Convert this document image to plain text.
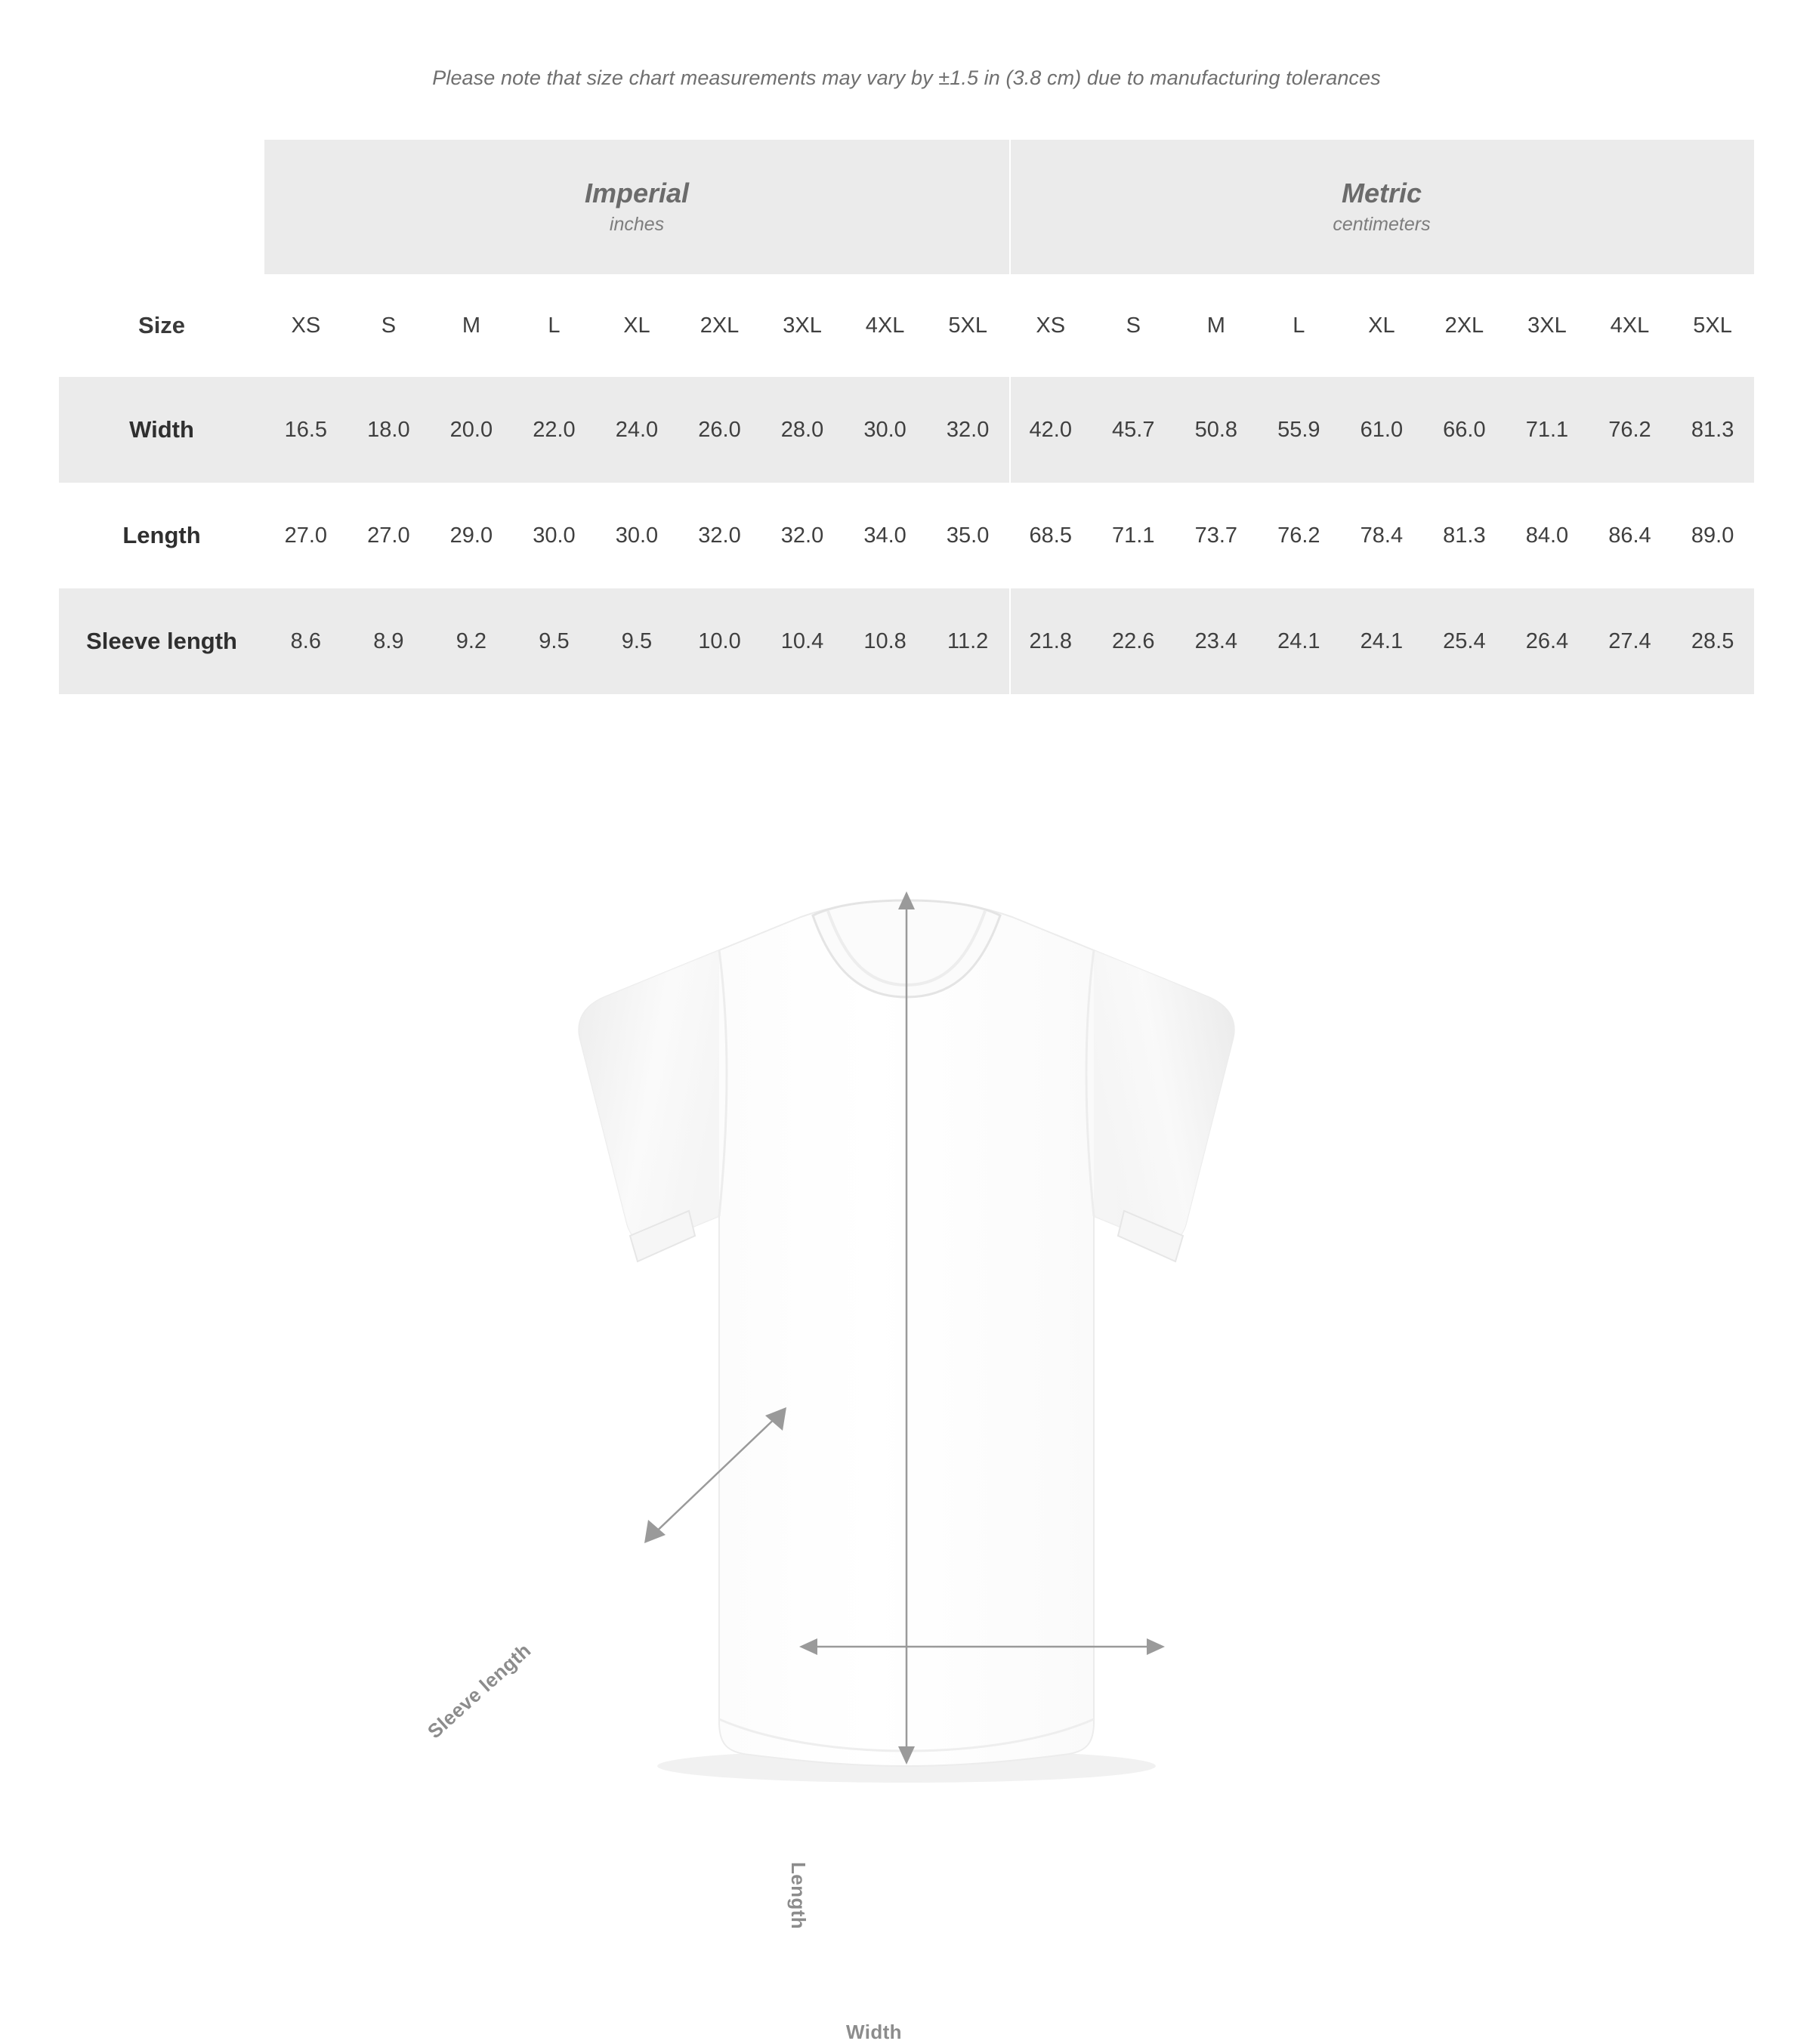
Please note that size chart measurements may vary by ±1.5 in (3.8 cm) due to manufacturing tolerances

Imperial
inches

Metric
centimeters

Size	XS	S	M	L	XL	2XL	3XL	4XL	5XL	XS	S	M	L	XL	2XL	3XL	4XL	5XL
Width	16.5	18.0	20.0	22.0	24.0	26.0	28.0	30.0	32.0	42.0	45.7	50.8	55.9	61.0	66.0	71.1	76.2	81.3
Length	27.0	27.0	29.0	30.0	30.0	32.0	32.0	34.0	35.0	68.5	71.1	73.7	76.2	78.4	81.3	84.0	86.4	89.0
Sleeve length	8.6	8.9	9.2	9.5	9.5	10.0	10.4	10.8	11.2	21.8	22.6	23.4	24.1	24.1	25.4	26.4	27.4	28.5
Width
Length
Sleeve length
